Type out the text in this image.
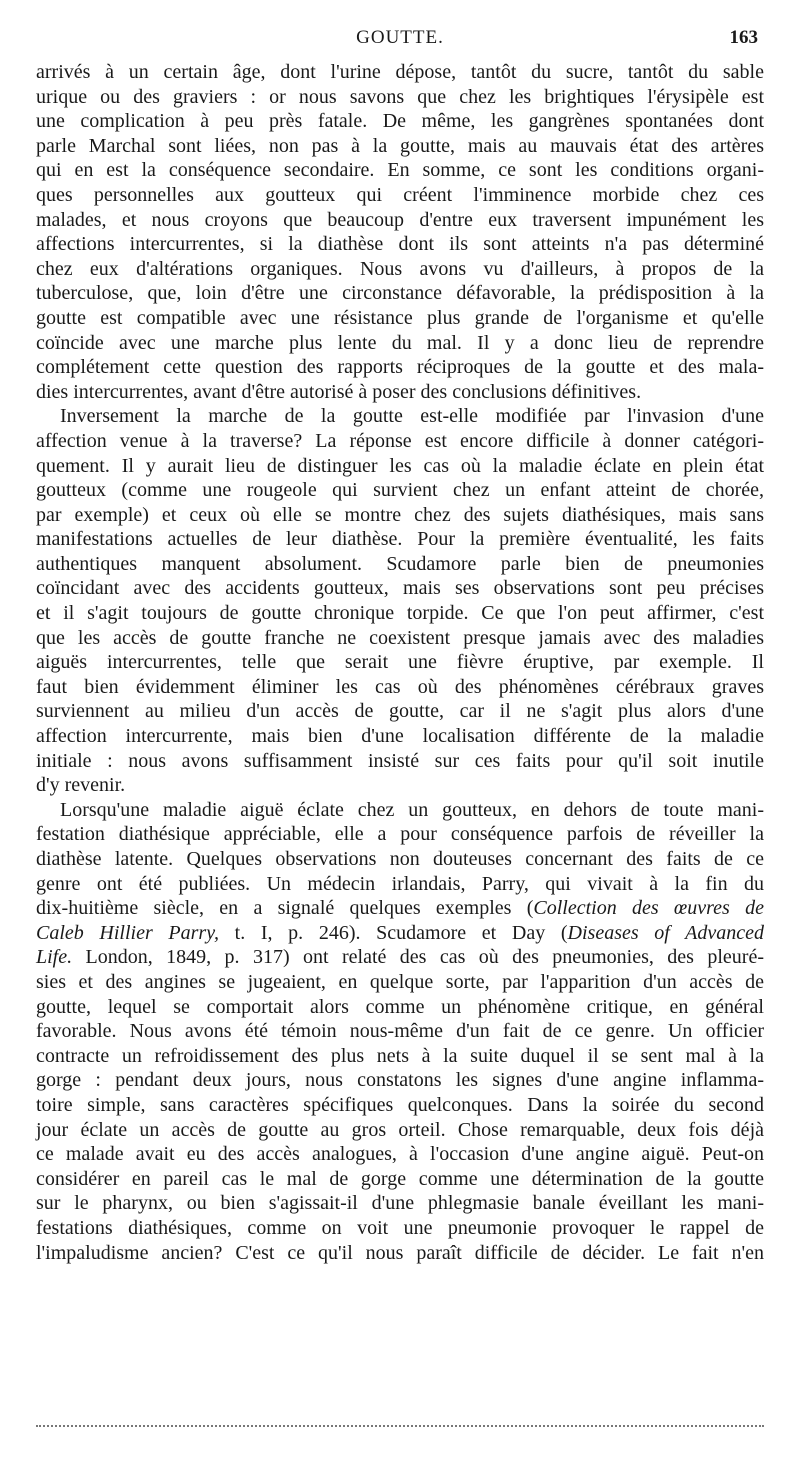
GOUTTE.	163
arrivés à un certain âge, dont l'urine dépose, tantôt du sucre, tantôt du sable
urique ou des graviers : or nous savons que chez les brightiques l'érysipèle est
une complication à peu près fatale. De même, les gangrènes spontanées dont
parle Marchal sont liées, non pas à la goutte, mais au mauvais état des artères
qui en est la conséquence secondaire. En somme, ce sont les conditions organi-
ques personnelles aux goutteux qui créent l'imminence morbide chez ces
malades, et nous croyons que beaucoup d'entre eux traversent impunément les
affections intercurrentes, si la diathèse dont ils sont atteints n'a pas déterminé
chez eux d'altérations organiques. Nous avons vu d'ailleurs, à propos de la
tuberculose, que, loin d'être une circonstance défavorable, la prédisposition à la
goutte est compatible avec une résistance plus grande de l'organisme et qu'elle
coïncide avec une marche plus lente du mal. Il y a donc lieu de reprendre
complétement cette question des rapports réciproques de la goutte et des mala-
dies intercurrentes, avant d'être autorisé à poser des conclusions définitives.
Inversement la marche de la goutte est-elle modifiée par l'invasion d'une
affection venue à la traverse? La réponse est encore difficile à donner catégori-
quement. Il y aurait lieu de distinguer les cas où la maladie éclate en plein état
goutteux (comme une rougeole qui survient chez un enfant atteint de chorée,
par exemple) et ceux où elle se montre chez des sujets diathésiques, mais sans
manifestations actuelles de leur diathèse. Pour la première éventualité, les faits
authentiques manquent absolument. Scudamore parle bien de pneumonies
coïncidant avec des accidents goutteux, mais ses observations sont peu précises
et il s'agit toujours de goutte chronique torpide. Ce que l'on peut affirmer, c'est
que les accès de goutte franche ne coexistent presque jamais avec des maladies
aiguës intercurrentes, telle que serait une fièvre éruptive, par exemple. Il
faut bien évidemment éliminer les cas où des phénomènes cérébraux graves
surviennent au milieu d'un accès de goutte, car il ne s'agit plus alors d'une
affection intercurrente, mais bien d'une localisation différente de la maladie
initiale : nous avons suffisamment insisté sur ces faits pour qu'il soit inutile
d'y revenir.
Lorsqu'une maladie aiguë éclate chez un goutteux, en dehors de toute mani-
festation diathésique appréciable, elle a pour conséquence parfois de réveiller la
diathèse latente. Quelques observations non douteuses concernant des faits de ce
genre ont été publiées. Un médecin irlandais, Parry, qui vivait à la fin du
dix-huitième siècle, en a signalé quelques exemples (Collection des œuvres de
Caleb Hillier Parry, t. I, p. 246). Scudamore et Day (Diseases of Advanced
Life. London, 1849, p. 317) ont relaté des cas où des pneumonies, des pleuré-
sies et des angines se jugeaient, en quelque sorte, par l'apparition d'un accès de
goutte, lequel se comportait alors comme un phénomène critique, en général
favorable. Nous avons été témoin nous-même d'un fait de ce genre. Un officier
contracte un refroidissement des plus nets à la suite duquel il se sent mal à la
gorge : pendant deux jours, nous constatons les signes d'une angine inflamma-
toire simple, sans caractères spécifiques quelconques. Dans la soirée du second
jour éclate un accès de goutte au gros orteil. Chose remarquable, deux fois déjà
ce malade avait eu des accès analogues, à l'occasion d'une angine aiguë. Peut-on
considérer en pareil cas le mal de gorge comme une détermination de la goutte
sur le pharynx, ou bien s'agissait-il d'une phlegmasie banale éveillant les mani-
festations diathésiques, comme on voit une pneumonie provoquer le rappel de
l'impaludisme ancien? C'est ce qu'il nous paraît difficile de décider. Le fait n'en
